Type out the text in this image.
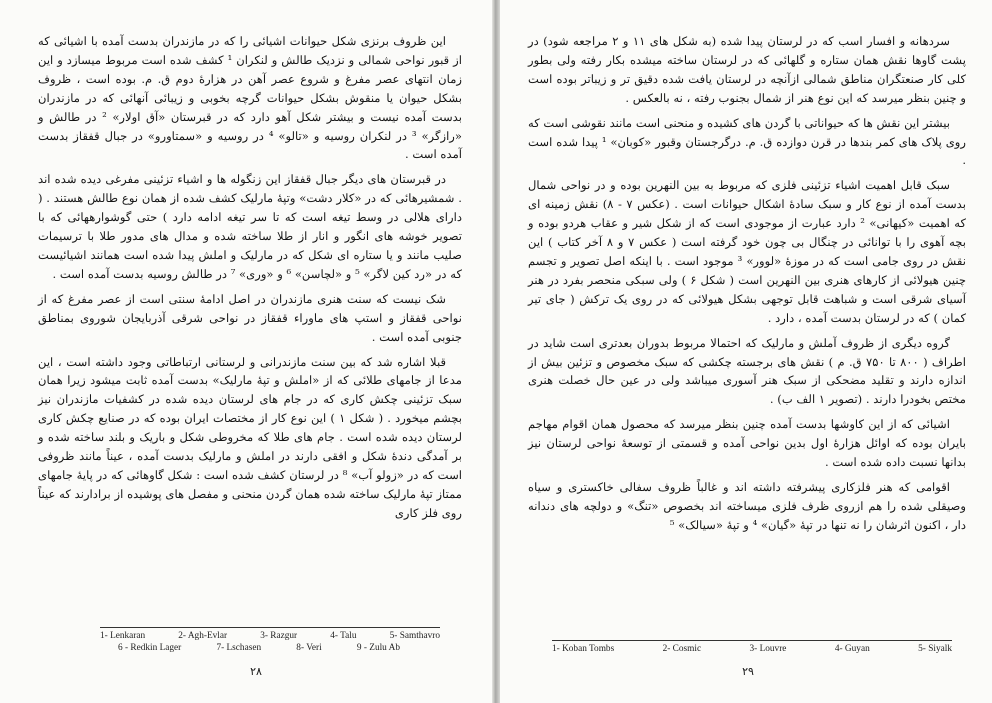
این ظروف برنزی شکل حیوانات اشیائی را که در مازندران بدست آمده با اشیائی که از قبور نواحی شمالی و نزدیک طالش و لنکران ¹ کشف شده است مربوط میسازد و این زمان انتهای عصر مفرغ و شروع عصر آهن در هزارهٔ دوم ق. م. بوده است ، ظروف بشکل حیوان یا منقوش بشکل حیوانات گرچه بخوبی و زیبائی آنهائی که در مازندران بدست آمده نیست و بیشتر شکل آهو دارد که در قبرستان «آق اولار» ² در طالش و «رازگر» ³ در لنکران روسیه و «تالو» ⁴ در روسیه و «سمتاورو» در جبال قفقاز بدست آمده است .

در قبرستان های دیگر جبال قفقاز این زنگوله ها و اشیاء تزئینی مفرغی دیده شده اند . شمشیرهائی که در «کلار دشت» وتپهٔ مارلیک کشف شده از همان نوع طالش هستند . ( دارای هلالی در وسط تیغه است که تا سر تیغه ادامه دارد ) حتی گوشوارههائی که با تصویر خوشه های انگور و انار از طلا ساخته شده و مدال های مدور طلا با ترسیمات صلیب مانند و یا ستاره ای شکل که در مارلیک و املش پیدا شده است همانند اشیائیست که در «رد کین لاگر» ⁵ و «لچاسن» ⁶ و «وری» ⁷ در طالش روسیه بدست آمده است .

شک نیست که سنت هنری مازندران در اصل ادامهٔ سنتی است از عصر مفرغ که از نواحی قفقاز و استپ های ماوراء قفقاز در نواحی شرقی آذربایجان شوروی بمناطق جنوبی آمده است .

قبلا اشاره شد که بین سنت مازندرانی و لرستانی ارتباطاتی وجود داشته است ، این مدعا از جامهای طلائی که از «املش و تپهٔ مارلیک» بدست آمده ثابت میشود زیرا همان سبک تزئینی چکش کاری که در جام های لرستان دیده شده در کشفیات مازندران نیز بچشم میخورد . ( شکل ۱ ) این نوع کار از مختصات ایران بوده که در صنایع چکش کاری لرستان دیده شده است . جام های طلا که مخروطی شکل و باریک و بلند ساخته شده و بر آمدگی دندهٔ شکل و افقی دارند در املش و مارلیک بدست آمده ، عیناً مانند ظروفی است که در «زولو آب» ⁸ در لرستان کشف شده است : شکل گاوهائی که در پایهٔ جامهای ممتاز تپهٔ مارلیک ساخته شده همان گردن منحنی و مفصل های پوشیده از برادارند که عیناً روی فلز کاری

1- Lenkaran	2- Agh-Evlar	3- Razgur	4- Talu	5- Samthavro
6 - Redkin Lager	7- Lschasen	8- Veri	9 - Zulu Ab
۲۸

سردهانه و افسار اسب که در لرستان پیدا شده (به شکل های ۱۱ و ۲ مراجعه شود) در پشت گاوها نقش همان ستاره و گلهائی که در لرستان ساخته میشده بکار رفته ولی بطور کلی کار صنعتگران مناطق شمالی ازآنچه در لرستان یافت شده دقیق تر و زیباتر بوده است و چنین بنظر میرسد که این نوع هنر از شمال بجنوب رفته ، نه بالعکس .

بیشتر این نقش ها که حیواناتی با گردن های کشیده و منحنی است مانند نقوشی است که روی پلاک های کمر بندها در قرن دوازده ق. م. درگرجستان وقبور «کوبان» ¹ پیدا شده است .

سبک قابل اهمیت اشیاء تزئینی فلزی که مربوط به بین النهرین بوده و در نواحی شمال بدست آمده از نوع کار و سبک سادهٔ اشکال حیوانات است . (عکس ۷ - ۸) نقش زمینه ای که اهمیت «کیهانی» ² دارد عبارت از موجودی است که از شکل شیر و عقاب هردو بوده و بچه آهوی را با توانائی در چنگال بی چون خود گرفته است ( عکس ۷ و ۸ آخر کتاب ) این نقش در روی جامی است که در موزهٔ «لوور» ³ موجود است . با اینکه اصل تصویر و تجسم چنین هیولائی از کارهای هنری بین النهرین است ( شکل ۶ ) ولی سبکی منحصر بفرد در هنر آسیای شرقی است و شباهت قابل توجهی بشکل هیولائی که در روی یک ترکش ( جای تیر کمان ) که در لرستان بدست آمده ، دارد .

گروه دیگری از ظروف آملش و مارلیک که احتمالا مربوط بدوران بعدتری است شاید در اطراف ( ۸۰۰ تا ۷۵۰ ق. م ) نقش های برجسته چکشی که سبک مخصوص و تزئین بیش از اندازه دارند و تقلید مضحکی از سبک هنر آسوری میباشد ولی در عین حال خصلت هنری مختص بخودرا دارند . (تصویر ۱ الف ب) .

اشیائی که از این کاوشها بدست آمده چنین بنظر میرسد که محصول همان اقوام مهاجم بایران بوده که اوائل هزارهٔ اول بدین نواحی آمده و قسمتی از توسعهٔ نواحی لرستان نیز بدانها نسبت داده شده است .

اقوامی که هنر فلزکاری پیشرفته داشته اند و غالباً ظروف سفالی خاکستری و سیاه وصیقلی شده را هم ازروی ظرف فلزی میساخته اند بخصوص «تنگ» و دولچه های دندانه دار ، اکنون اثرشان را نه تنها در تپهٔ «گیان» ⁴ و تپهٔ «سیالک» ⁵

1- Koban Tombs	2- Cosmic	3- Louvre	4- Guyan	5- Siyalk
۲۹
